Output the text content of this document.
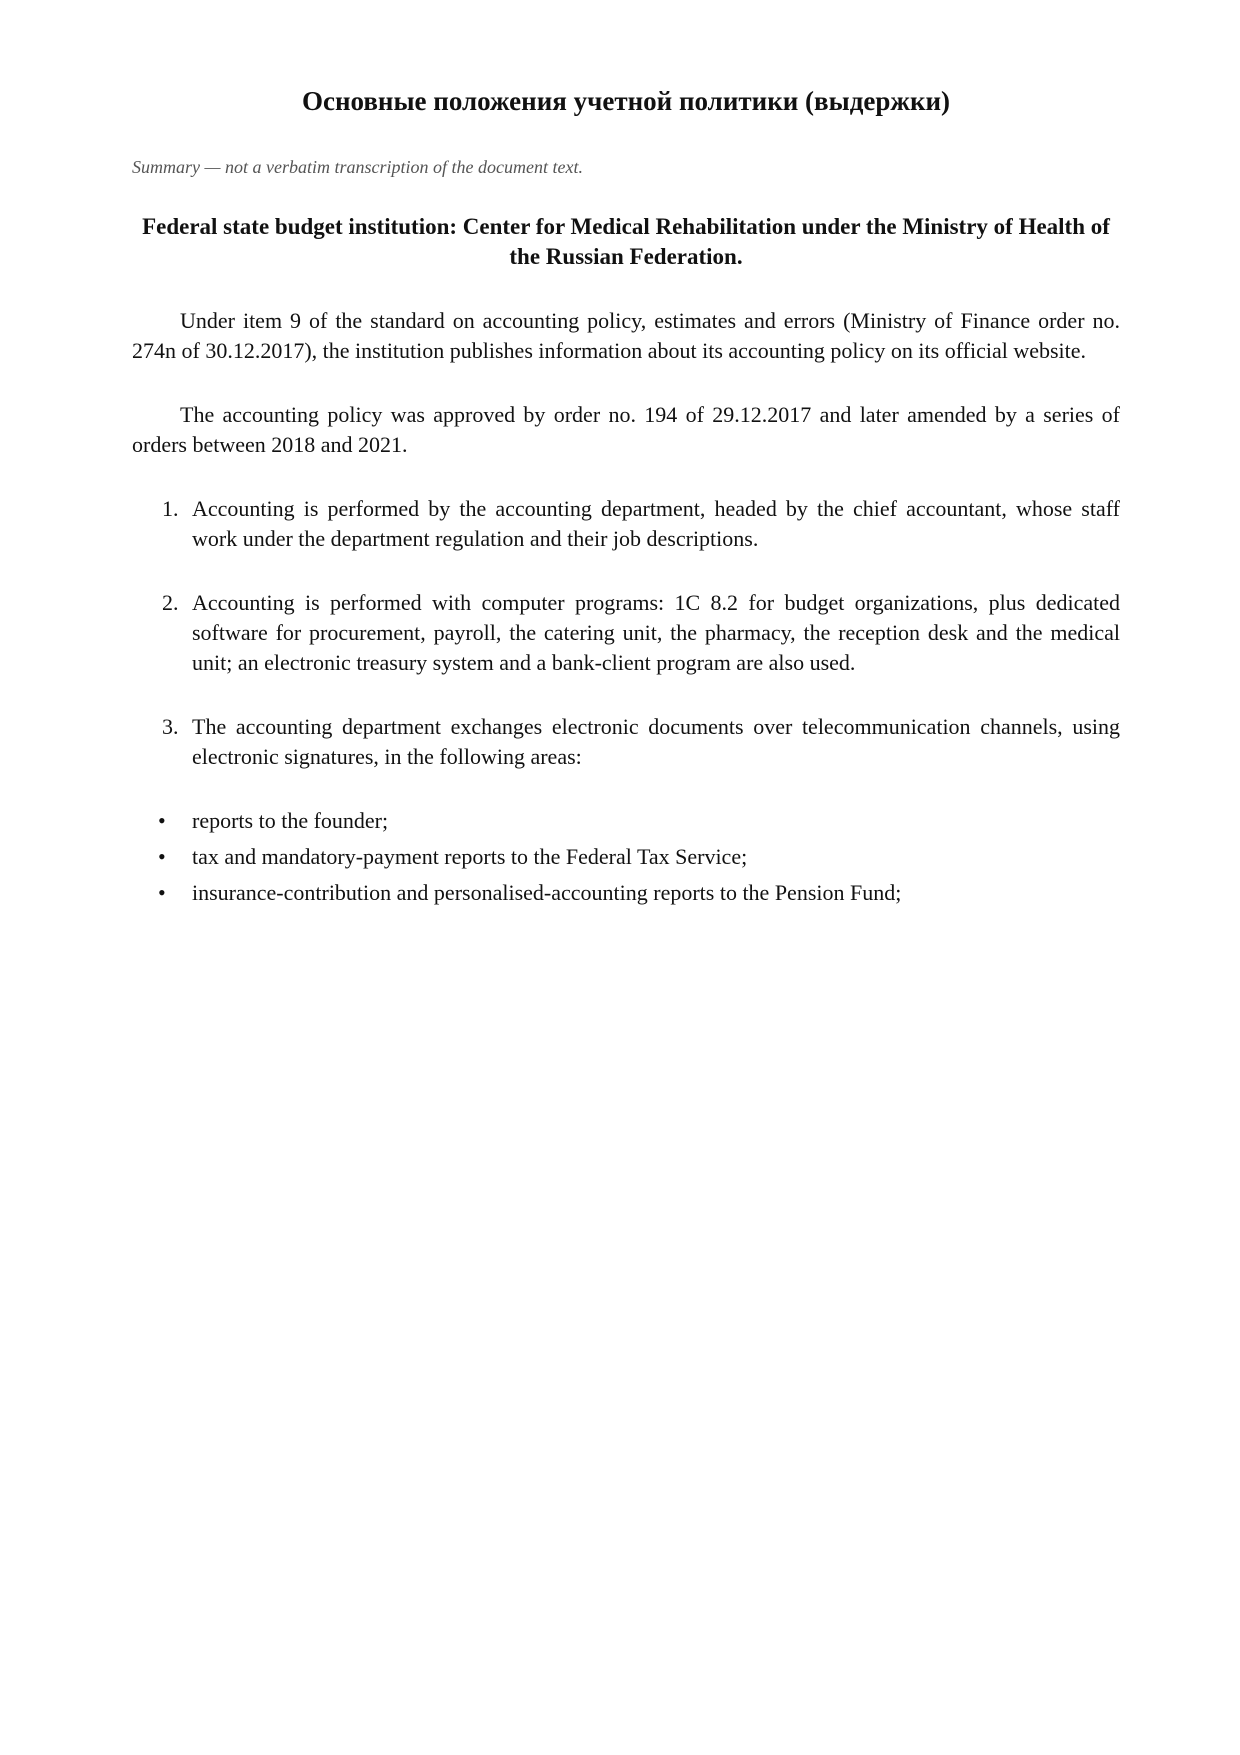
Основные положения учетной политики (выдержки)
Summary — not a verbatim transcription of the document text.
Federal state budget institution: Center for Medical Rehabilitation under the Ministry of Health of the Russian Federation.
Under item 9 of the standard on accounting policy, estimates and errors (Ministry of Finance order no. 274n of 30.12.2017), the institution publishes information about its accounting policy on its official website.
The accounting policy was approved by order no. 194 of 29.12.2017 and later amended by a series of orders between 2018 and 2021.
1. Accounting is performed by the accounting department, headed by the chief accountant, whose staff work under the department regulation and their job descriptions.
2. Accounting is performed with computer programs: 1C 8.2 for budget organizations, plus dedicated software for procurement, payroll, the catering unit, the pharmacy, the reception desk and the medical unit; an electronic treasury system and a bank-client program are also used.
3. The accounting department exchanges electronic documents over telecommunication channels, using electronic signatures, in the following areas:
• reports to the founder;
• tax and mandatory-payment reports to the Federal Tax Service;
• insurance-contribution and personalised-accounting reports to the Pension Fund;
